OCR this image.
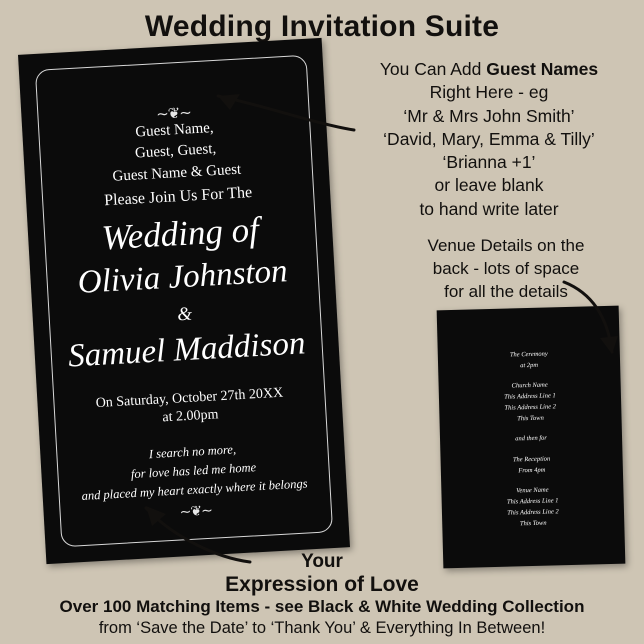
Wedding Invitation Suite
~❦~
Guest Name,
Guest, Guest,
Guest Name & Guest
Please Join Us For The
Wedding of
Olivia Johnston
&
Samuel Maddison
On Saturday, October 27th 20XX
at 2.00pm
I search no more,
for love has led me home
and placed my heart exactly where it belongs
~❦~
The Ceremony
at 2pm
Church Name
This Address Line 1
This Address Line 2
This Town
and then for
The Reception
From 4pm
Venue Name
This Address Line 1
This Address Line 2
This Town
You Can Add Guest Names
Right Here - eg
‘Mr & Mrs John Smith’
‘David, Mary, Emma & Tilly’
‘Brianna +1’
or leave blank
to hand write later
Venue Details on the
back - lots of space
for all the details
Your
Expression of Love
Over 100 Matching Items - see Black & White Wedding Collection
from ‘Save the Date’ to ‘Thank You’ & Everything In Between!
